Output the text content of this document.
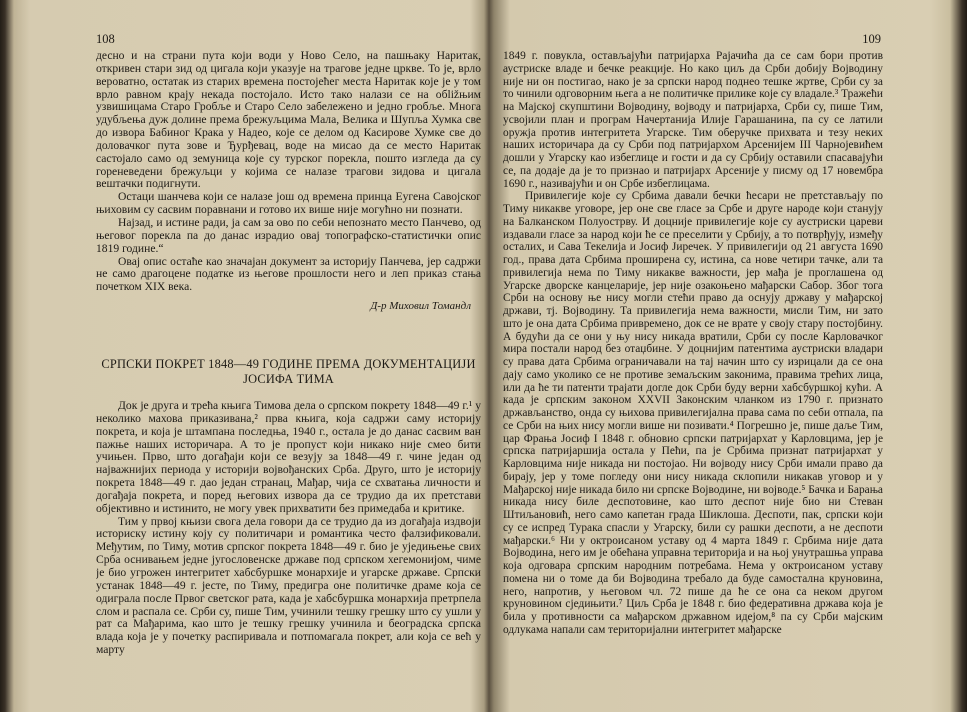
108

десно и на страни пута који води у Ново Село, на пашњаку Наритак, откривен стари зид од цигала који указује на трагове једне цркве. То је, врло вероватно, остатак из старих времена постојећег места Наритак које је у том врло равном крају некада постојало. Исто тако налази се на обližњим узвишицама Старо Гробље и Старо Село забележено и једно гробље. Многа удубљења дуж долине према брежуљцима Мала, Велика и Шупља Хумка све до извора Бабиног Крака у Надео, које се делом од Касирове Хумке све до доловачког пута зове и Ђурђевац, воде на мисао да се место Наритак састојало само од земуница које су турског порекла, пошто изгледа да су гореневедени брежуљци у којима се налазе трагови зидова и цигала вештачки подигнути.

Остаци шанчева који се налазе још од времена принца Еугена Савојског њиховим су сасвим поравнани и готово их више није могућно ни познати.

Најзад, и истине ради, ја сам за ово по себи непознато место Панчево, од његовог порекла па до данас израдио овај топографско-статистички опис 1819 године.“

Овај опис остаће као значајан документ за историју Панчева, јер садржи не само драгоцене податке из његове прошлости него и леп приказ стања почетком XIX века.

Д-р Миховил Томандл
СРПСКИ ПОКРЕТ 1848—49 ГОДИНЕ ПРЕМА ДОКУМЕНТАЦИЈИ ЈОСИФА ТИМА

Док је друга и трећа књига Тимова дела о српском покрету 1848—49 г.¹ у неколико махова приказивана,² прва књига, која садржи саму историју покрета, и која је штампана последња, 1940 г., остала је до данас сасвим ван пажње наших историчара. А то је пропуст који никако није смео бити учињен. Прво, што догађаји који се везују за 1848—49 г. чине један од најважнијих периода у историји војвођанских Срба. Друго, што је историју покрета 1848—49 г. дао један странац, Мађар, чија се схватања личности и догађаја покрета, и поред његових извора да се трудио да их претстави објективно и истинито, не могу увек прихватити без примедаба и критике.

Тим у првој књизи свога дела говори да се трудио да из догађаја издвоји историску истину коју су политичари и романтика често фалзификовали. Међутим, по Тиму, мотив српског покрета 1848—49 г. био је уједињење свих Срба оснивањем једне југословенске државе под српском хегемонијом, чиме је био угрожен интегритет хабсбуршке монархије и угарске државе. Српски устанак 1848—49 г. јесте, по Тиму, предигра оне политичке драме која се одиграла после Првог светског рата, када је хабсбуршка монархија претрпела слом и распала се. Срби су, пише Тим, учинили тешку грешку што су ушли у рат са Мађарима, као што је тешку грешку учинила и београдска српска влада која је у почетку распиривала и потпомагала покрет, али која се већ у марту

109

1849 г. повукла, остављајући патријарха Рајачића да се сам бори против аустриске владе и бечке реакције. Но како циљ да Срби добију Војводину није ни он постигао, нако је за српски народ поднео тешке жртве, Срби су за то чинили одговорним њега а не политичке прилике које су владале.³ Тражећи на Мајској скупштини Војводину, војводу и патријарха, Срби су, пише Тим, усвојили план и програм Начертанија Илије Гарашанина, па су се латили оружја против интегритета Угарске. Тим оберучке прихвата и тезу неких наших историчара да су Срби под патријархом Арсенијем III Чарнојевићем дошли у Угарску као избеглице и гости и да су Србију оставили спасавајући се, па додаје да је то признао и патријарх Арсеније у писму од 17 новембра 1690 г., називајући и он Србе избеглицама.

Привилегије које су Србима давали бечки ћесари не претстављају по Тиму никакве уговоре, јер оне све гласе за Србе и друге народе који станују на Балканском Полуострву. И доцније привилегије које су аустриски цареви издавали гласе за народ који ће се преселити у Србију, а то потврђују, између осталих, и Сава Текелија и Јосиф Јиречек. У привилегији од 21 августа 1690 год., права дата Србима проширена су, истина, са нове четири тачке, али та привилегија нема по Тиму никакве важности, јер мађа је проглашена од Угарске дворске канцеларије, јер није озакоњено мађарски Сабор. Због тога Срби на основу ње нису могли стећи право да оснују државу у мађарској држави, тј. Војводину. Та привилегија нема важности, мисли Тим, ни зато што је она дата Србима привремено, док се не врате у своју стару постојбину. А будући да се они у њу нису никада вратили, Срби су после Карловачког мира постали народ без отаџбине. У доцнијим патентима аустриски владари су права дата Србима ограничавали на тај начин што су изрицали да се она дају само уколико се не противе земаљским законима, правима трећих лица, или да ће ти патенти трајати догле док Срби буду верни хабсбуршкој кући. А када је српским законом XXVII Законским чланком из 1790 г. признато држављанство, онда су њихова привилегијална права сама по себи отпала, па се Срби на њих нису могли више ни позивати.⁴ Погрешно је, пише даље Тим, цар Фрања Јосиф I 1848 г. обновио српски патријархат у Карловцима, јер је српска патријаршија остала у Пећи, па је Србима признат патријархат у Карловцима није никада ни постојао. Ни војводу нису Срби имали право да бирају, јер у томе погледу они нису никада склопили никакав уговор и у Мађарској није никада било ни српске Војводине, ни војводе.⁵ Бачка и Барања никада нису биле деспотовине, као што деспот није био ни Стеван Штиљановић, него само капетан града Шиклоша. Деспоти, пак, српски који су се испред Турака спасли у Угарску, били су рашки деспоти, а не деспоти мађарски.⁶ Ни у октроисаном уставу од 4 марта 1849 г. Србима није дата Војводина, него им је обећана управна територија и на њој унутрашња управа која одговара српским народним потребама. Нема у октроисаном уставу помена ни о томе да би Војводина требало да буде самостална круновина, него, напротив, у његовом чл. 72 пише да ће се она са неком другом круновином сједињити.⁷ Циљ Срба је 1848 г. био федеративна држава која је била у противности са мађарском државном идејом,⁸ па су Срби мајским одлукама напали сам територијални интегритет мађарске
